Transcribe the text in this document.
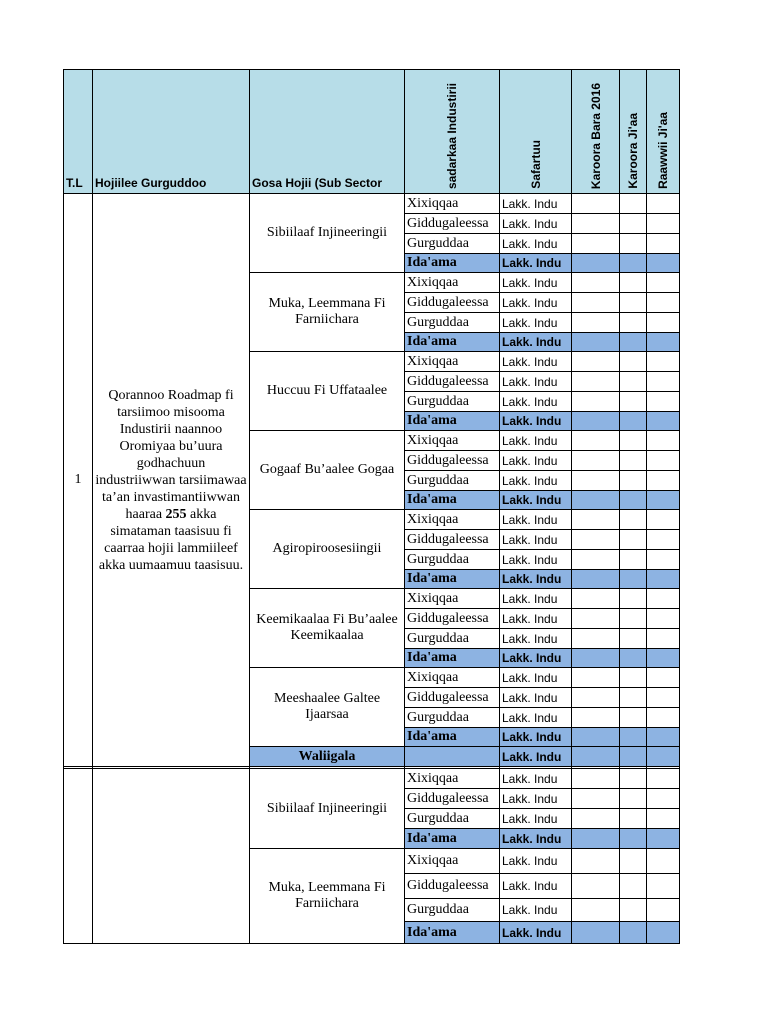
T.L	Hojiilee Gurguddoo	Gosa Hojii (Sub Sector	sadarkaa Industirii	Safartuu	Karoora Bara 2016	Karoora Ji'aa	Raawwii Ji'aa

1	Qorannoo Roadmap fi tarsiimoo misooma Industirii naannoo Oromiyaa bu’uura godhachuun industriiwwan tarsiimawaa ta’an invastimantiiwwan haaraa 255 akka simataman taasisuu fi caarraa hojii lammiileef akka uumaamuu taasisuu.	Sibiilaaf Injineeringii	Xixiqqaa	Lakk. Indu			
			Giddugaleessa	Lakk. Indu			
			Gurguddaa	Lakk. Indu			
			Ida'ama	Lakk. Indu			
		Muka, Leemmana Fi Farniichara	Xixiqqaa	Lakk. Indu			
			Giddugaleessa	Lakk. Indu			
			Gurguddaa	Lakk. Indu			
			Ida'ama	Lakk. Indu			
		Huccuu Fi Uffataalee	Xixiqqaa	Lakk. Indu			
			Giddugaleessa	Lakk. Indu			
			Gurguddaa	Lakk. Indu			
			Ida'ama	Lakk. Indu			
		Gogaaf Bu’aalee Gogaa	Xixiqqaa	Lakk. Indu			
			Giddugaleessa	Lakk. Indu			
			Gurguddaa	Lakk. Indu			
			Ida'ama	Lakk. Indu			
		Agiropiroosesiingii	Xixiqqaa	Lakk. Indu			
			Giddugaleessa	Lakk. Indu			
			Gurguddaa	Lakk. Indu			
			Ida'ama	Lakk. Indu			
		Keemikaalaa Fi Bu’aalee Keemikaalaa	Xixiqqaa	Lakk. Indu			
			Giddugaleessa	Lakk. Indu			
			Gurguddaa	Lakk. Indu			
			Ida'ama	Lakk. Indu			
		Meeshaalee Galtee Ijaarsaa	Xixiqqaa	Lakk. Indu			
			Giddugaleessa	Lakk. Indu			
			Gurguddaa	Lakk. Indu			
			Ida'ama	Lakk. Indu			
		Waliigala		Lakk. Indu			

		Sibiilaaf Injineeringii	Xixiqqaa	Lakk. Indu			
			Giddugaleessa	Lakk. Indu			
			Gurguddaa	Lakk. Indu			
			Ida'ama	Lakk. Indu			
		Muka, Leemmana Fi Farniichara	Xixiqqaa	Lakk. Indu			
			Giddugaleessa	Lakk. Indu			
			Gurguddaa	Lakk. Indu			
			Ida'ama	Lakk. Indu			
